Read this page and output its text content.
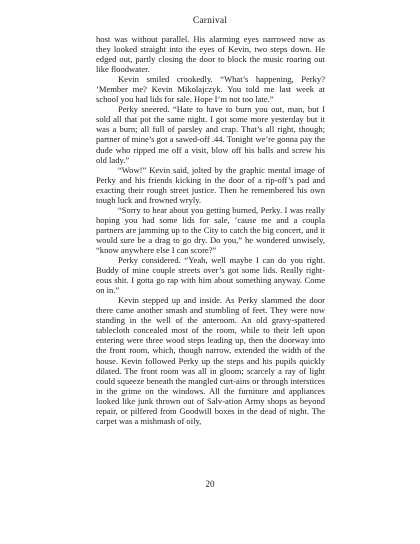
Carnival

host was without parallel. His alarming eyes narrowed now as they looked straight into the eyes of Kevin, two steps down. He edged out, partly closing the door to block the music roaring out like floodwater.

Kevin smiled crookedly. “What’s happening, Perky? ’Member me? Kevin Mikolajczyk. You told me last week at school you had lids for sale. Hope I’m not too late.”

Perky sneered. “Hate to have to burn you out, man, but I sold all that pot the same night. I got some more yesterday but it was a burn; all full of parsley and crap. That’s all right, though; partner of mine’s got a sawed-off .44. Tonight we’re gonna pay the dude who ripped me off a visit, blow off his balls and screw his old lady.”

“Wow!” Kevin said, jolted by the graphic mental image of Perky and his friends kicking in the door of a rip-off’s pad and exacting their rough street justice. Then he remembered his own tough luck and frowned wryly.

“Sorry to hear about you getting burned, Perky. I was really hoping you had some lids for sale, ’cause me and a coupla partners are jamming up to the City to catch the big concert, and it would sure be a drag to go dry. Do you,” he wondered unwisely, “know anywhere else I can score?”

Perky considered. “Yeah, well maybe I can do you right. Buddy of mine couple streets over’s got some lids. Really right-eous shit. I gotta go rap with him about something anyway. Come on in.”

Kevin stepped up and inside. As Perky slammed the door there came another smash and stumbling of feet. They were now standing in the well of the anteroom. An old gravy-spattered tablecloth concealed most of the room, while to their left upon entering were three wood steps leading up, then the doorway into the front room, which, though narrow, extended the width of the house. Kevin followed Perky up the steps and his pupils quickly dilated. The front room was all in gloom; scarcely a ray of light could squeeze beneath the mangled curt-ains or through interstices in the grime on the windows. All the furniture and appliances looked like junk thrown out of Salv-ation Army shops as beyond repair, or pilfered from Goodwill boxes in the dead of night. The carpet was a mishmash of oily,

20
